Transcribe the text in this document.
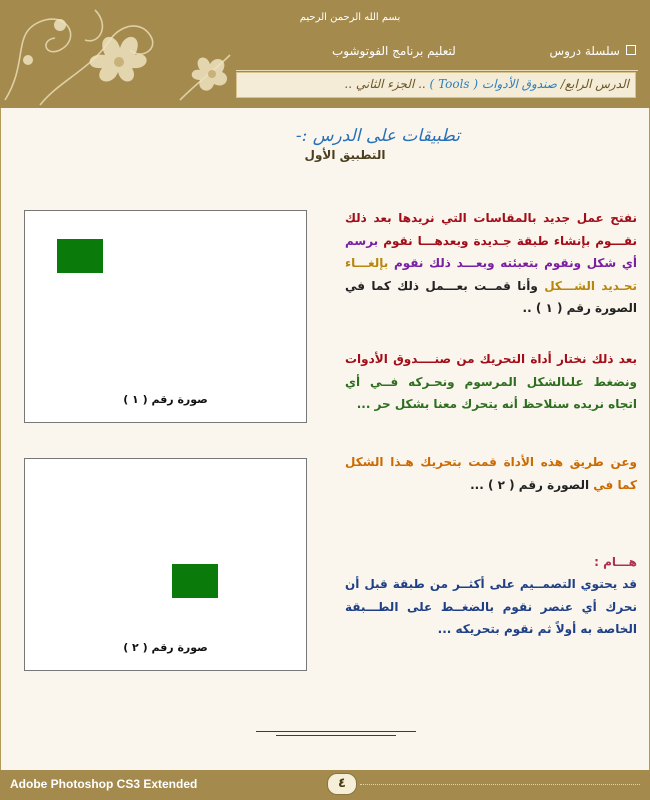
بسم الله الرحمن الرحيم
سلسلة دروس
لتعليم برنامج الفوتوشوب
الدرس الرابع/ صندوق الأدوات ( Tools ) .. الجزء الثاني ..
تطبيقات على الدرس :-
التطبيق الأول
صورة رقم ( ١ )
صورة رقم ( ٢ )
نفتح عمل جديد بالمقاسات التي نريدها بعد ذلك نقـــوم بإنشاء طبقة جـديدة وبعدهـــا نقوم برسم أي شكل ونقوم بتعبئته وبعـــد ذلك نقوم بإلغـــاء تحـديد الشـــكل وأنا قمــت بعـــمل ذلك كما في الصورة رقم ( ١ ) ..
بعد ذلك نختار أداة التحريك من صنــــدوق الأدوات ونضغط علىالشكل المرسوم ونحـركه فــي أي اتجاه نريده سنلاحظ أنه يتحرك معنا بشكل حر ...
وعن طريق هذه الأداة قمت بتحريك هـذا الشكل كما في الصورة رقم ( ٢ ) ...
هـــام :
قد يحتوي التصمــيم على أكثــر من طبقة قبل أن نحرك أي عنصر نقوم بالضغــط على الطـــبقة الخاصة به أولاً ثم نقوم بتحريكه ...
Adobe Photoshop CS3 Extended	٤
